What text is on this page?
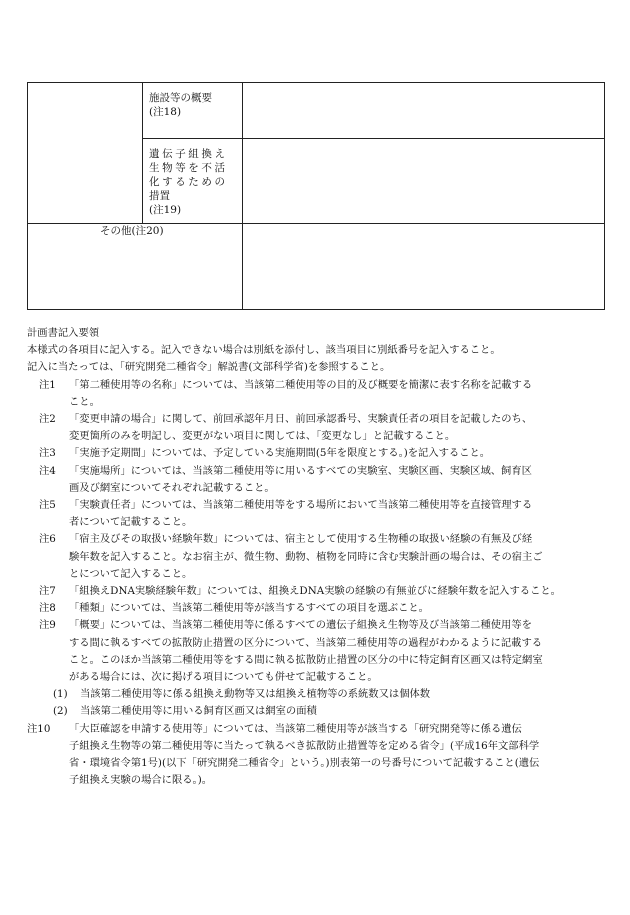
	施設等の概要
(注18)	

	遺伝子組換え
生物等を不活
化するための
措置
(注19)	

その他(注20)		

計画書記入要領

本様式の各項目に記入する。記入できない場合は別紙を添付し、該当項目に別紙番号を記入すること。

記入に当たっては、「研究開発二種省令」解説書(文部科学省)を参照すること。

注1	「第二種使用等の名称」については、当該第二種使用等の目的及び概要を簡潔に表す名称を記載する
こと。
注2	「変更申請の場合」に関して、前回承認年月日、前回承認番号、実験責任者の項目を記載したのち、
変更箇所のみを明記し、変更がない項目に関しては、「変更なし」と記載すること。
注3	「実施予定期間」については、予定している実施期間(5年を限度とする。)を記入すること。
注4	「実施場所」については、当該第二種使用等に用いるすべての実験室、実験区画、実験区域、飼育区
画及び網室についてそれぞれ記載すること。
注5	「実験責任者」については、当該第二種使用等をする場所において当該第二種使用等を直接管理する
者について記載すること。
注6	「宿主及びその取扱い経験年数」については、宿主として使用する生物種の取扱い経験の有無及び経
験年数を記入すること。なお宿主が、微生物、動物、植物を同時に含む実験計画の場合は、その宿主ご
とについて記入すること。
注7	「組換えDNA実験経験年数」については、組換えDNA実験の経験の有無並びに経験年数を記入すること。
注8	「種類」については、当該第二種使用等が該当するすべての項目を選ぶこと。
注9	「概要」については、当該第二種使用等に係るすべての遺伝子組換え生物等及び当該第二種使用等を
する間に執るすべての拡散防止措置の区分について、当該第二種使用等の過程がわかるように記載する
こと。このほか当該第二種使用等をする間に執る拡散防止措置の区分の中に特定飼育区画又は特定網室
がある場合には、次に掲げる項目についても併せて記載すること。
(1)	当該第二種使用等に係る組換え動物等又は組換え植物等の系統数又は個体数
(2)	当該第二種使用等に用いる飼育区画又は網室の面積
注10	「大臣確認を申請する使用等」については、当該第二種使用等が該当する「研究開発等に係る遺伝
子組換え生物等の第二種使用等に当たって執るべき拡散防止措置等を定める省令」(平成16年文部科学
省・環境省令第1号)(以下「研究開発二種省令」という。)別表第一の号番号について記載すること(遺伝
子組換え実験の場合に限る。)。
